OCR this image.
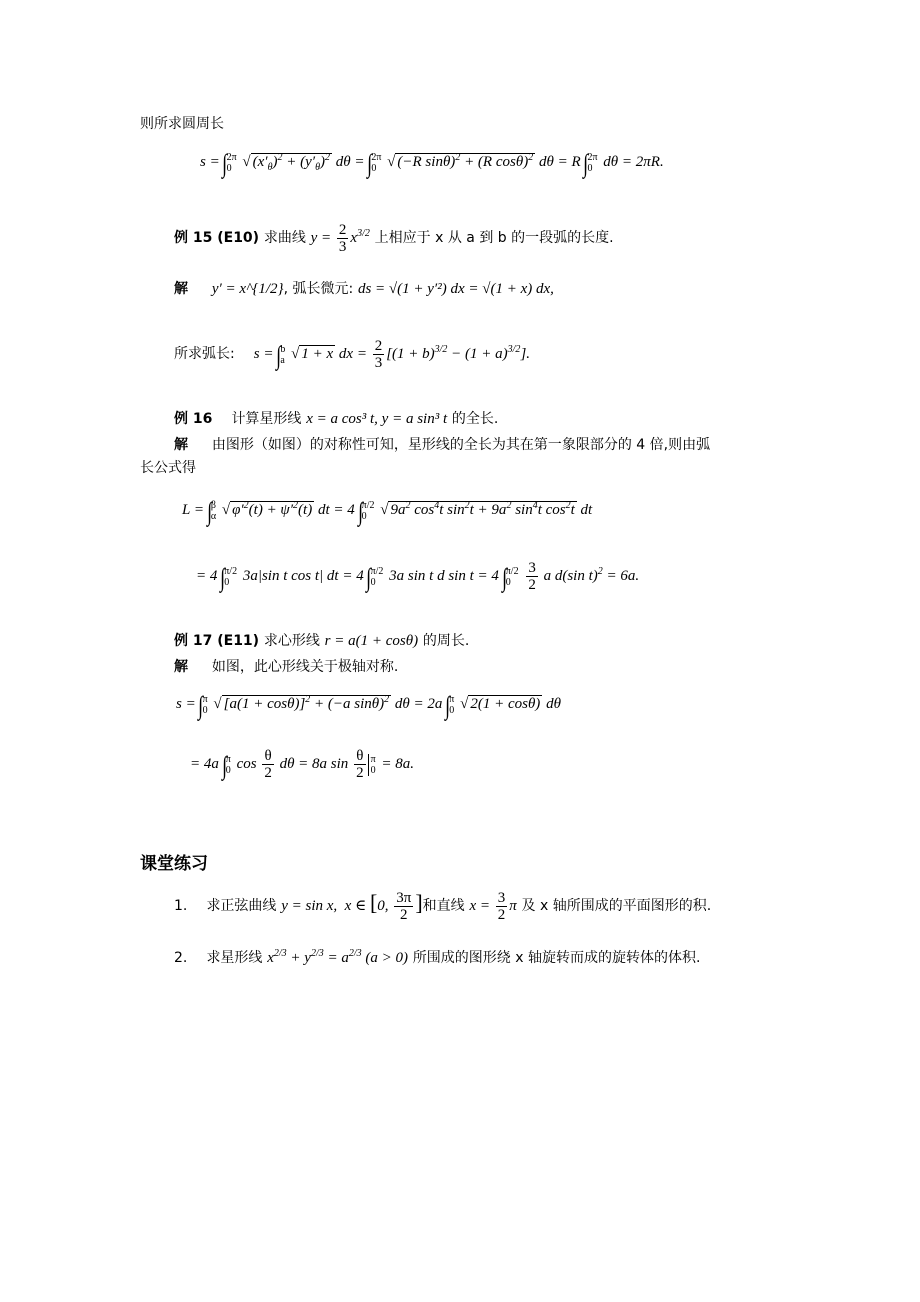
则所求圆周长
s = ∫ 2π
0 √ $(x'_\theta)^2 + (y'_\theta)^2$ dθ = ∫ 2π
0 √ (−R sinθ)$^2$ + (R cosθ)$^2$ dθ = R ∫ 2π
0 dθ = 2πR.
例 15 (E10) 求曲线 $y = \frac{2}{3} x^{3/2}$ 上相应于 x 从 a 到 b 的一段弧的长度.
解 y′ = x^{1/2}, 弧长微元: ds = √(1 + y′²) dx = √(1 + x) dx,
所求弧长: s = ∫ b
a √ 1 + x dx = $\frac{2}{3} [(1 + b)^{3/2} - (1 + a)^{3/2}]$.
例 16 计算星形线 x = a cos³ t, y = a sin³ t 的全长.
解 由图形（如图）的对称性可知，星形线的全长为其在第一象限部分的 4 倍,则由弧
长公式得
L = ∫ β
α √ $\varphi'^2(t) + \psi'^2(t)$ dt = 4 ∫ π/2
0 √ $9a^2$ $\cos^4t$ $\sin^2t + 9a^2$ $\sin^4t$ $\cos^2t$ dt
= 4 ∫ π/2
0 3a|sin t cos t| dt = 4 ∫ π/2
0 3a sin t d sin t = 4 ∫ π/2
0
	$\frac{3}{2}$ a d(sin t)$^2$ = 6a.
例 17 (E11) 求心形线 r = a(1 + cosθ) 的周长.
解 如图，此心形线关于极轴对称.
s = ∫ π
0 √ $[a(1 + \cos\theta)]^2 + (-a$ sinθ)$^2$ dθ = 2a ∫ π
0 √ 2(1 + cosθ) dθ
= 4a ∫ π
0 $\cos \frac{\theta}{2}$ dθ = 8a $\sin \frac{\theta}{2}$ π
0 = 8a.
课堂练习
1. 求正弦曲线 y = sin x,  x ∈ [0, $\frac{3\pi}{2}$ ]和直线 $x = \frac{3}{2}$ π 及 x 轴所围成的平面图形的积.
2. 求星形线 $x^{2/3} + y^{2/3} = a^{2/3}$ (a > 0) 所围成的图形绕 x 轴旋转而成的旋转体的体积.
